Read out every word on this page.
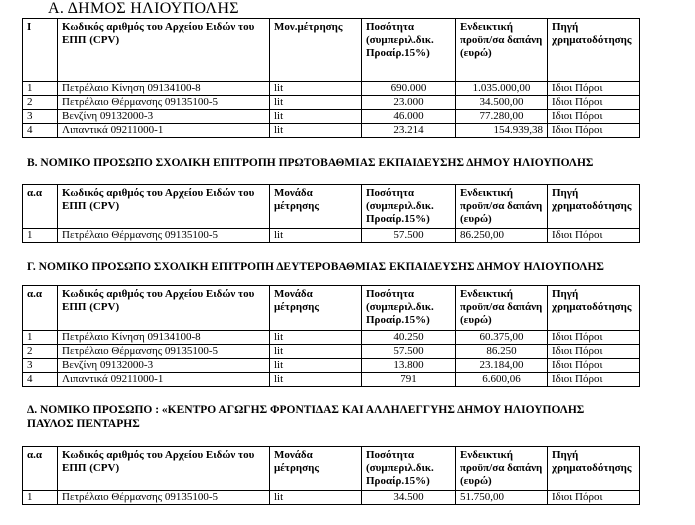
Α. ΔΗΜΟΣ ΗΛΙΟΥΠΟΛΗΣ
Ι	Κωδικός αριθμός του Αρχείου Ειδών του ΕΠΠ (CPV)	Μον.μέτρησης	Ποσότητα (συμπεριλ.δικ. Προαίρ.15%)	Ενδεικτική προϋπ/σα δαπάνη (ευρώ)	Πηγή χρηματοδότησης
1	Πετρέλαιο Κίνηση 09134100-8	lit	690.000	1.035.000,00	Ιδιοι Πόροι
2	Πετρέλαιο Θέρμανσης 09135100-5	lit	23.000	34.500,00	Ιδιοι Πόροι
3	Βενζίνη 09132000-3	lit	46.000	77.280,00	Ιδιοι Πόροι
4	Λιπαντικά 09211000-1	lit	23.214	154.939,38	Ιδιοι Πόροι
Β. ΝΟΜΙΚΟ ΠΡΟΣΩΠΟ ΣΧΟΛΙΚΗ ΕΠΙΤΡΟΠΗ ΠΡΩΤΟΒΑΘΜΙΑΣ ΕΚΠΑΙΔΕΥΣΗΣ ΔΗΜΟΥ ΗΛΙΟΥΠΟΛΗΣ
α.α	Κωδικός αριθμός του Αρχείου Ειδών του ΕΠΠ (CPV)	Μονάδα μέτρησης	Ποσότητα (συμπεριλ.δικ. Προαίρ.15%)	Ενδεικτική προϋπ/σα δαπάνη (ευρώ)	Πηγή χρηματοδότησης
1	Πετρέλαιο Θέρμανσης 09135100-5	lit	57.500	86.250,00	Ιδιοι Πόροι
Γ. ΝΟΜΙΚΟ ΠΡΟΣΩΠΟ ΣΧΟΛΙΚΗ ΕΠΙΤΡΟΠΗ ΔΕΥΤΕΡΟΒΑΘΜΙΑΣ ΕΚΠΑΙΔΕΥΣΗΣ ΔΗΜΟΥ ΗΛΙΟΥΠΟΛΗΣ
α.α	Κωδικός αριθμός του Αρχείου Ειδών του ΕΠΠ (CPV)	Μονάδα μέτρησης	Ποσότητα (συμπεριλ.δικ. Προαίρ.15%)	Ενδεικτική προϋπ/σα δαπάνη (ευρώ)	Πηγή χρηματοδότησης
1	Πετρέλαιο Κίνηση 09134100-8	lit	40.250	60.375,00	Ιδιοι Πόροι
2	Πετρέλαιο Θέρμανσης 09135100-5	lit	57.500	86.250	Ιδιοι Πόροι
3	Βενζίνη 09132000-3	lit	13.800	23.184,00	Ιδιοι Πόροι
4	Λιπαντικά 09211000-1	lit	791	6.600,06	Ιδιοι Πόροι
Δ. ΝΟΜΙΚΟ ΠΡΟΣΩΠΟ : «ΚΕΝΤΡΟ ΑΓΩΓΗΣ ΦΡΟΝΤΙΔΑΣ ΚΑΙ ΑΛΛΗΛΕΓΓΥΗΣ ΔΗΜΟΥ ΗΛΙΟΥΠΟΛΗΣ
ΠΑΥΛΟΣ ΠΕΝΤΑΡΗΣ
α.α	Κωδικός αριθμός του Αρχείου Ειδών του ΕΠΠ (CPV)	Μονάδα μέτρησης	Ποσότητα (συμπεριλ.δικ. Προαίρ.15%)	Ενδεικτική προϋπ/σα δαπάνη (ευρώ)	Πηγή χρηματοδότησης
1	Πετρέλαιο Θέρμανσης 09135100-5	lit	34.500	51.750,00	Ιδιοι Πόροι
